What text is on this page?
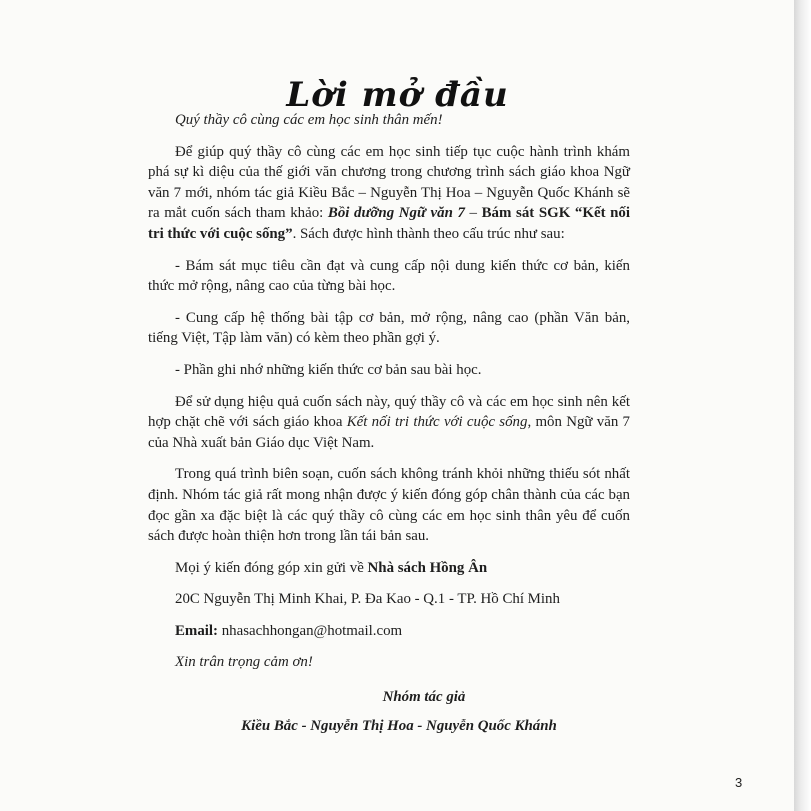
Lời mở đầu

Quý thầy cô cùng các em học sinh thân mến!

Để giúp quý thầy cô cùng các em học sinh tiếp tục cuộc hành trình khám phá sự kì diệu của thế giới văn chương trong chương trình sách giáo khoa Ngữ văn 7 mới, nhóm tác giả Kiều Bắc – Nguyễn Thị Hoa – Nguyễn Quốc Khánh sẽ ra mắt cuốn sách tham khảo: Bồi dưỡng Ngữ văn 7 – Bám sát SGK “Kết nối tri thức với cuộc sống”. Sách được hình thành theo cấu trúc như sau:

- Bám sát mục tiêu cần đạt và cung cấp nội dung kiến thức cơ bản, kiến thức mở rộng, nâng cao của từng bài học.

- Cung cấp hệ thống bài tập cơ bản, mở rộng, nâng cao (phần Văn bản, tiếng Việt, Tập làm văn) có kèm theo phần gợi ý.

- Phần ghi nhớ những kiến thức cơ bản sau bài học.

Để sử dụng hiệu quả cuốn sách này, quý thầy cô và các em học sinh nên kết hợp chặt chẽ với sách giáo khoa Kết nối tri thức với cuộc sống, môn Ngữ văn 7 của Nhà xuất bản Giáo dục Việt Nam.

Trong quá trình biên soạn, cuốn sách không tránh khỏi những thiếu sót nhất định. Nhóm tác giả rất mong nhận được ý kiến đóng góp chân thành của các bạn đọc gần xa đặc biệt là các quý thầy cô cùng các em học sinh thân yêu để cuốn sách được hoàn thiện hơn trong lần tái bản sau.

Mọi ý kiến đóng góp xin gửi về Nhà sách Hồng Ân

20C Nguyễn Thị Minh Khai, P. Đa Kao - Q.1 - TP. Hồ Chí Minh

Email: nhasachhongan@hotmail.com

Xin trân trọng cảm ơn!

Nhóm tác giả

Kiều Bắc - Nguyễn Thị Hoa - Nguyễn Quốc Khánh

3
